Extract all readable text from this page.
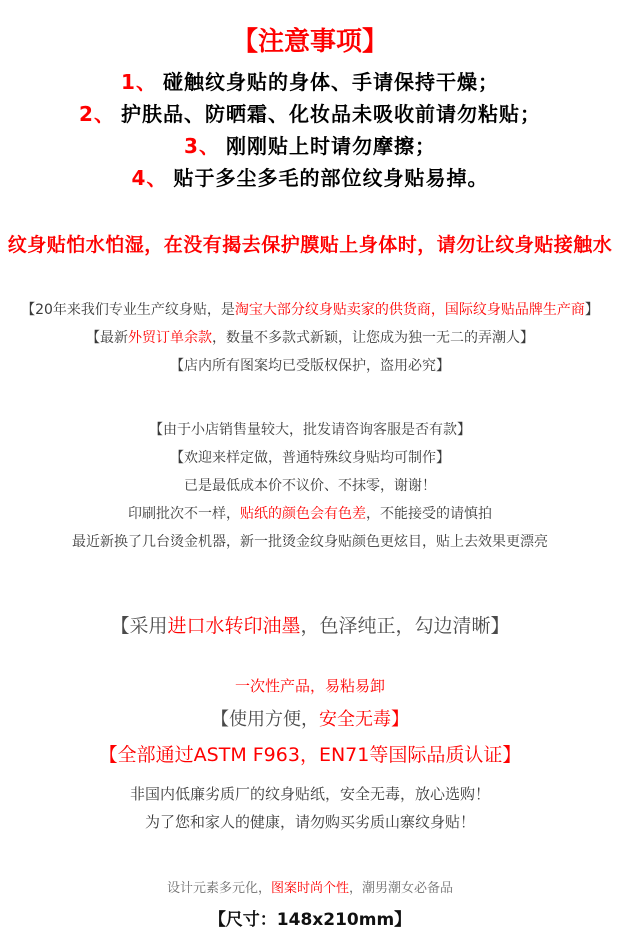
【注意事项】

1、 碰触纹身贴的身体、手请保持干燥；

2、 护肤品、防晒霜、化妆品未吸收前请勿粘贴；

3、 刚刚贴上时请勿摩擦；

4、 贴于多尘多毛的部位纹身贴易掉。

纹身贴怕水怕湿，在没有揭去保护膜贴上身体时，请勿让纹身贴接触水

【20年来我们专业生产纹身贴，是淘宝大部分纹身贴卖家的供货商，国际纹身贴品牌生产商】

【最新外贸订单余款，数量不多款式新颖，让您成为独一无二的弄潮人】

【店内所有图案均已受版权保护，盗用必究】

【由于小店销售量较大，批发请咨询客服是否有款】

【欢迎来样定做，普通特殊纹身贴均可制作】

已是最低成本价不议价、不抹零，谢谢！

印刷批次不一样，贴纸的颜色会有色差，不能接受的请慎拍

最近新换了几台烫金机器，新一批烫金纹身贴颜色更炫目，贴上去效果更漂亮

【采用进口水转印油墨，色泽纯正，勾边清晰】

一次性产品，易粘易卸

【使用方便，安全无毒】

【全部通过ASTM F963，EN71等国际品质认证】

非国内低廉劣质厂的纹身贴纸，安全无毒，放心选购！

为了您和家人的健康，请勿购买劣质山寨纹身贴！

设计元素多元化，图案时尚个性，潮男潮女必备品

【尺寸：148x210mm】
